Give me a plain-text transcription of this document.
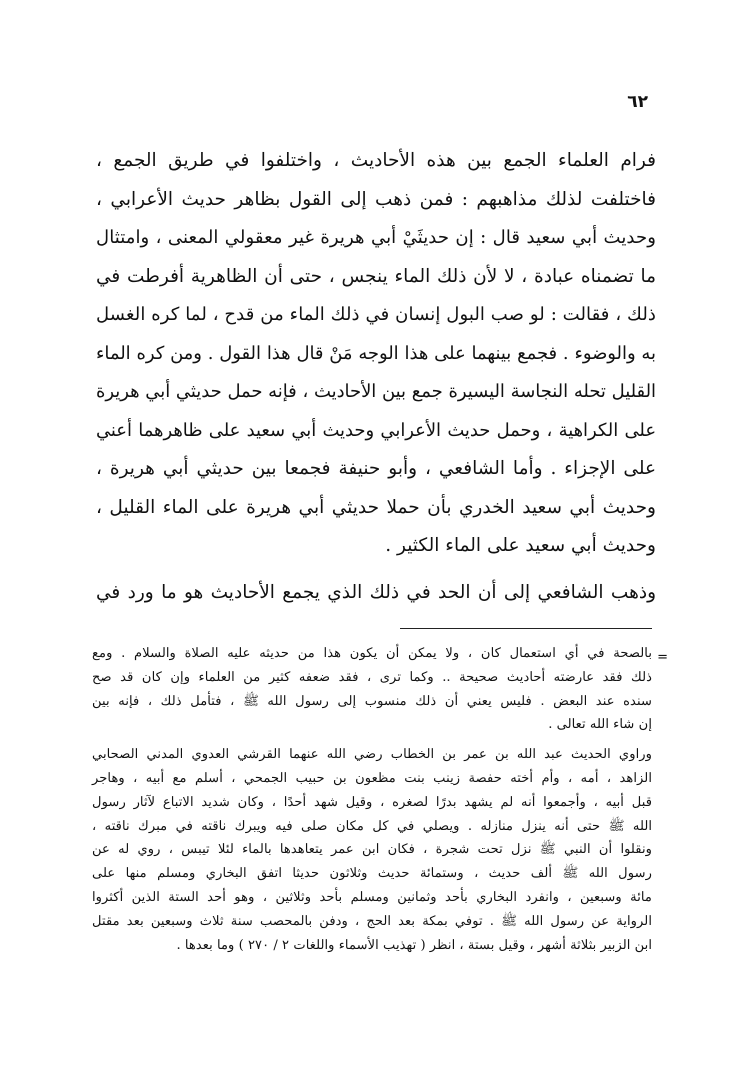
٦٢
فرام العلماء الجمع بين هذه الأحاديث ، واختلفوا في طريق الجمع ،
فاختلفت لذلك مذاهبهم : فمن ذهب إلى القول بظاهر حديث الأعرابي ،
وحديث أبي سعيد قال : إن حديثَيْ أبي هريرة غير معقولي المعنى ، وامتثال
ما تضمناه عبادة ، لا لأن ذلك الماء ينجس ، حتى أن الظاهرية أفرطت في
ذلك ، فقالت : لو صب البول إنسان في ذلك الماء من قدح ، لما كره الغسل
به والوضوء . فجمع بينهما على هذا الوجه مَنْ قال هذا القول . ومن كره الماء
القليل تحله النجاسة اليسيرة جمع بين الأحاديث ، فإنه حمل حديثي أبي هريرة
على الكراهية ، وحمل حديث الأعرابي وحديث أبي سعيد على ظاهرهما أعني
على الإجزاء . وأما الشافعي ، وأبو حنيفة فجمعا بين حديثي أبي هريرة ،
وحديث أبي سعيد الخدري بأن حملا حديثي أبي هريرة على الماء القليل ،
وحديث أبي سعيد على الماء الكثير .
وذهب الشافعي إلى أن الحد في ذلك الذي يجمع الأحاديث هو ما ورد في
=
بالصحة في أي استعمال كان ، ولا يمكن أن يكون هذا من حديثه عليه الصلاة والسلام . ومع
ذلك فقد عارضته أحاديث صحيحة .. وكما ترى ، فقد ضعفه كثير من العلماء وإن كان قد صح
سنده عند البعض . فليس يعني أن ذلك منسوب إلى رسول الله ﷺ ، فتأمل ذلك ، فإنه بين
إن شاء الله تعالى .
وراوي الحديث عبد الله بن عمر بن الخطاب رضي الله عنهما القرشي العدوي المدني الصحابي
الزاهد ، أمه ، وأم أخته حفصة زينب بنت مظعون بن حبيب الجمحي ، أسلم مع أبيه ، وهاجر
قبل أبيه ، وأجمعوا أنه لم يشهد بدرًا لصغره ، وقيل شهد أحدًا ، وكان شديد الاتباع لآثار رسول
الله ﷺ حتى أنه ينزل منازله . ويصلي في كل مكان صلى فيه ويبرك ناقته في مبرك ناقته ،
ونقلوا أن النبي ﷺ نزل تحت شجرة ، فكان ابن عمر يتعاهدها بالماء لئلا تيبس ، روي له عن
رسول الله ﷺ ألف حديث ، وستمائة حديث وثلاثون حديثا اتفق البخاري ومسلم منها على
مائة وسبعين ، وانفرد البخاري بأحد وثمانين ومسلم بأحد وثلاثين ، وهو أحد الستة الذين أكثروا
الرواية عن رسول الله ﷺ . توفي بمكة بعد الحج ، ودفن بالمحصب سنة ثلاث وسبعين بعد مقتل
ابن الزبير بثلاثة أشهر ، وقيل بستة ، انظر ( تهذيب الأسماء واللغات ٢ / ٢٧٠ ) وما بعدها .
